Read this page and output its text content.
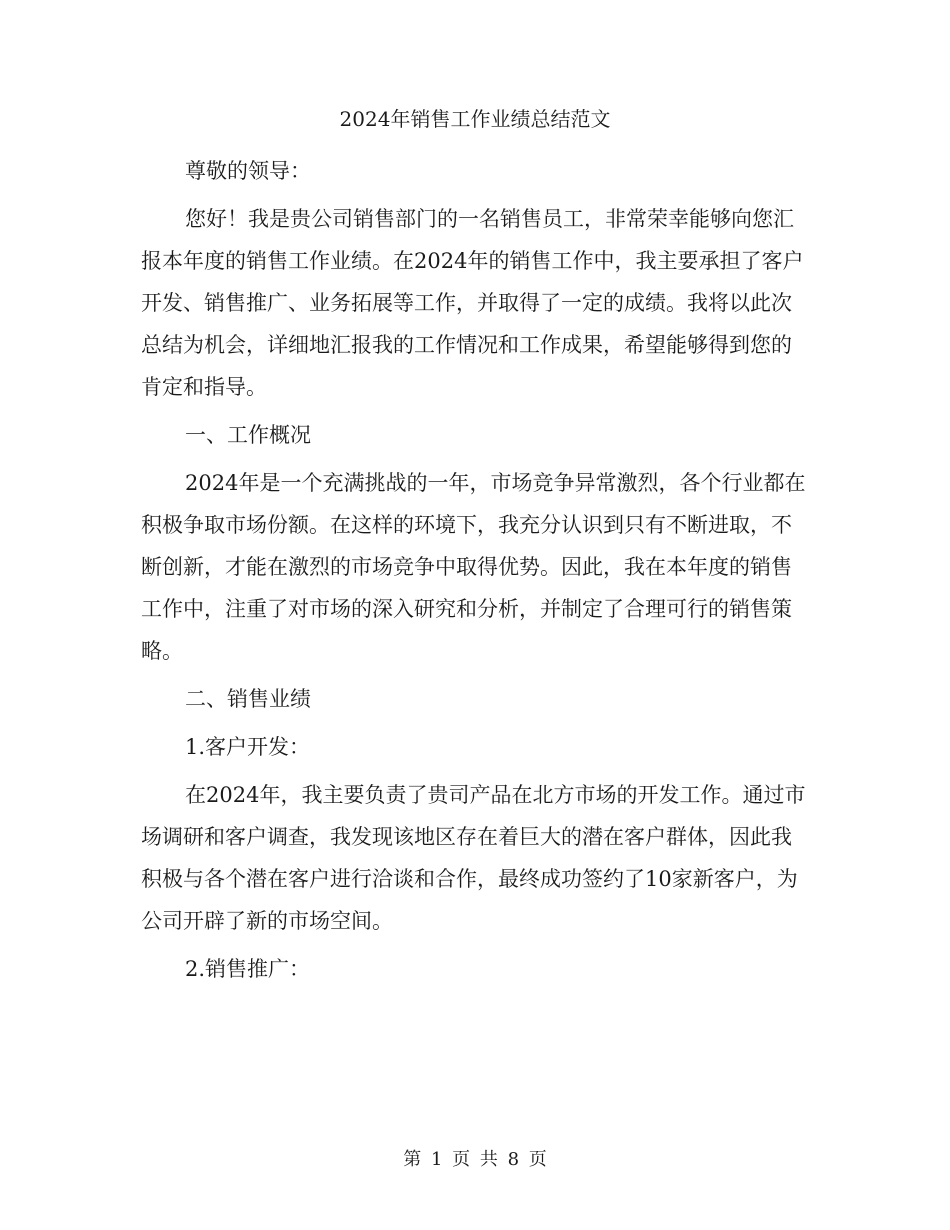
2024年销售工作业绩总结范文

尊敬的领导：

您好！我是贵公司销售部门的一名销售员工，非常荣幸能够向您汇报本年度的销售工作业绩。在2024年的销售工作中，我主要承担了客户开发、销售推广、业务拓展等工作，并取得了一定的成绩。我将以此次总结为机会，详细地汇报我的工作情况和工作成果，希望能够得到您的肯定和指导。

一、工作概况

2024年是一个充满挑战的一年，市场竞争异常激烈，各个行业都在积极争取市场份额。在这样的环境下，我充分认识到只有不断进取，不断创新，才能在激烈的市场竞争中取得优势。因此，我在本年度的销售工作中，注重了对市场的深入研究和分析，并制定了合理可行的销售策略。

二、销售业绩

1.客户开发：

在2024年，我主要负责了贵司产品在北方市场的开发工作。通过市场调研和客户调查，我发现该地区存在着巨大的潜在客户群体，因此我积极与各个潜在客户进行洽谈和合作，最终成功签约了10家新客户，为公司开辟了新的市场空间。

2.销售推广：

第 1 页 共 8 页
